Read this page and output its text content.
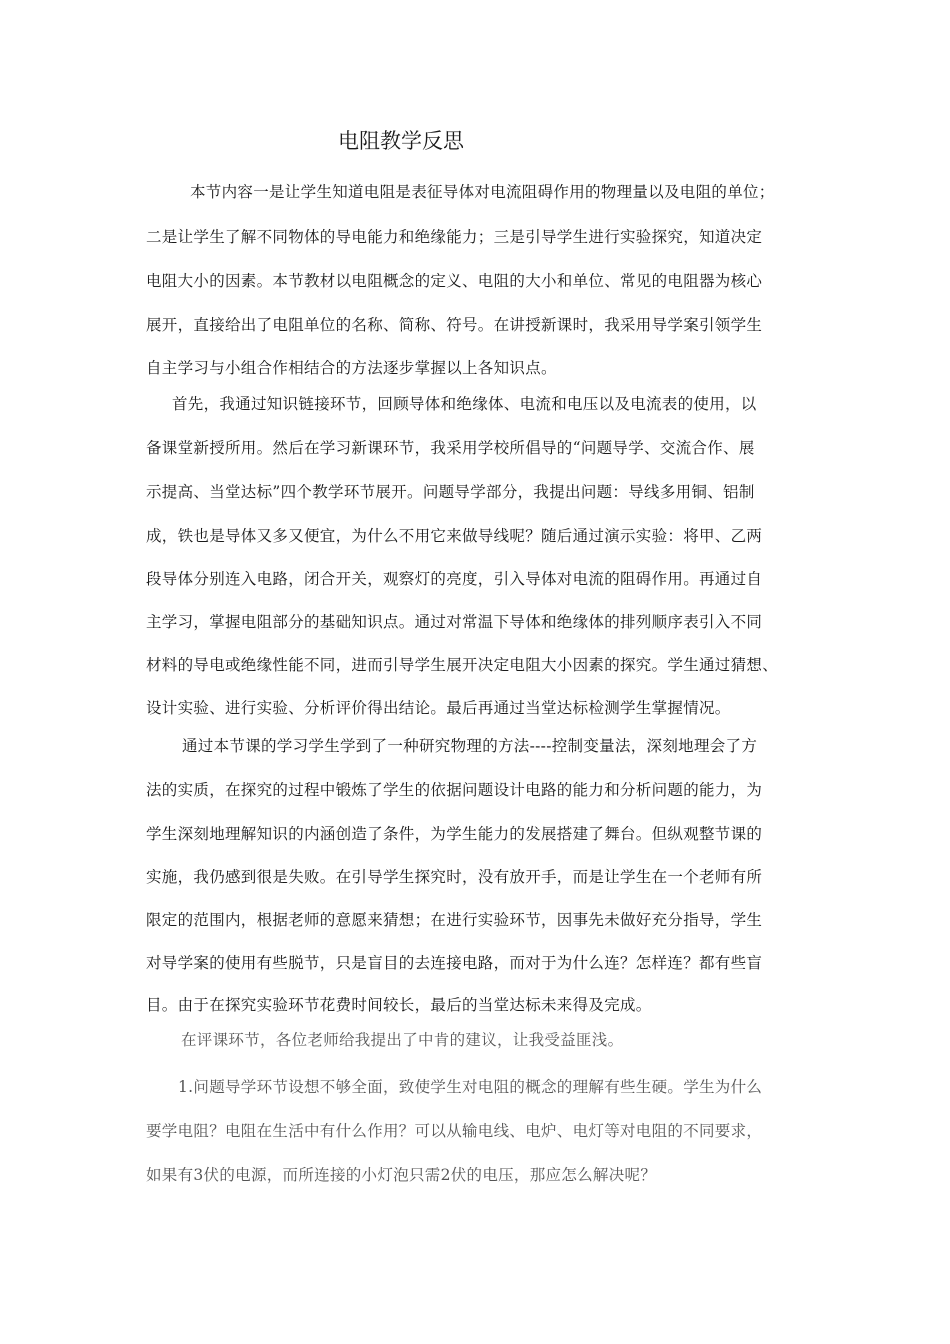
电阻教学反思
本节内容一是让学生知道电阻是表征导体对电流阻碍作用的物理量以及电阻的单位；
二是让学生了解不同物体的导电能力和绝缘能力；三是引导学生进行实验探究，知道决定
电阻大小的因素。本节教材以电阻概念的定义、电阻的大小和单位、常见的电阻器为核心
展开，直接给出了电阻单位的名称、简称、符号。在讲授新课时，我采用导学案引领学生
自主学习与小组合作相结合的方法逐步掌握以上各知识点。
首先，我通过知识链接环节，回顾导体和绝缘体、电流和电压以及电流表的使用，以
备课堂新授所用。然后在学习新课环节，我采用学校所倡导的“问题导学、交流合作、展
示提高、当堂达标”四个教学环节展开。问题导学部分，我提出问题：导线多用铜、铝制
成，铁也是导体又多又便宜，为什么不用它来做导线呢？随后通过演示实验：将甲、乙两
段导体分别连入电路，闭合开关，观察灯的亮度，引入导体对电流的阻碍作用。再通过自
主学习，掌握电阻部分的基础知识点。通过对常温下导体和绝缘体的排列顺序表引入不同
材料的导电或绝缘性能不同，进而引导学生展开决定电阻大小因素的探究。学生通过猜想、
设计实验、进行实验、分析评价得出结论。最后再通过当堂达标检测学生掌握情况。
通过本节课的学习学生学到了一种研究物理的方法----控制变量法，深刻地理会了方
法的实质，在探究的过程中锻炼了学生的依据问题设计电路的能力和分析问题的能力，为
学生深刻地理解知识的内涵创造了条件，为学生能力的发展搭建了舞台。但纵观整节课的
实施，我仍感到很是失败。在引导学生探究时，没有放开手，而是让学生在一个老师有所
限定的范围内，根据老师的意愿来猜想；在进行实验环节，因事先未做好充分指导，学生
对导学案的使用有些脱节，只是盲目的去连接电路，而对于为什么连？怎样连？都有些盲
目。由于在探究实验环节花费时间较长，最后的当堂达标未来得及完成。
在评课环节，各位老师给我提出了中肯的建议，让我受益匪浅。
1.问题导学环节设想不够全面，致使学生对电阻的概念的理解有些生硬。学生为什么
要学电阻？电阻在生活中有什么作用？可以从输电线、电炉、电灯等对电阻的不同要求，
如果有3伏的电源，而所连接的小灯泡只需2伏的电压，那应怎么解决呢？
